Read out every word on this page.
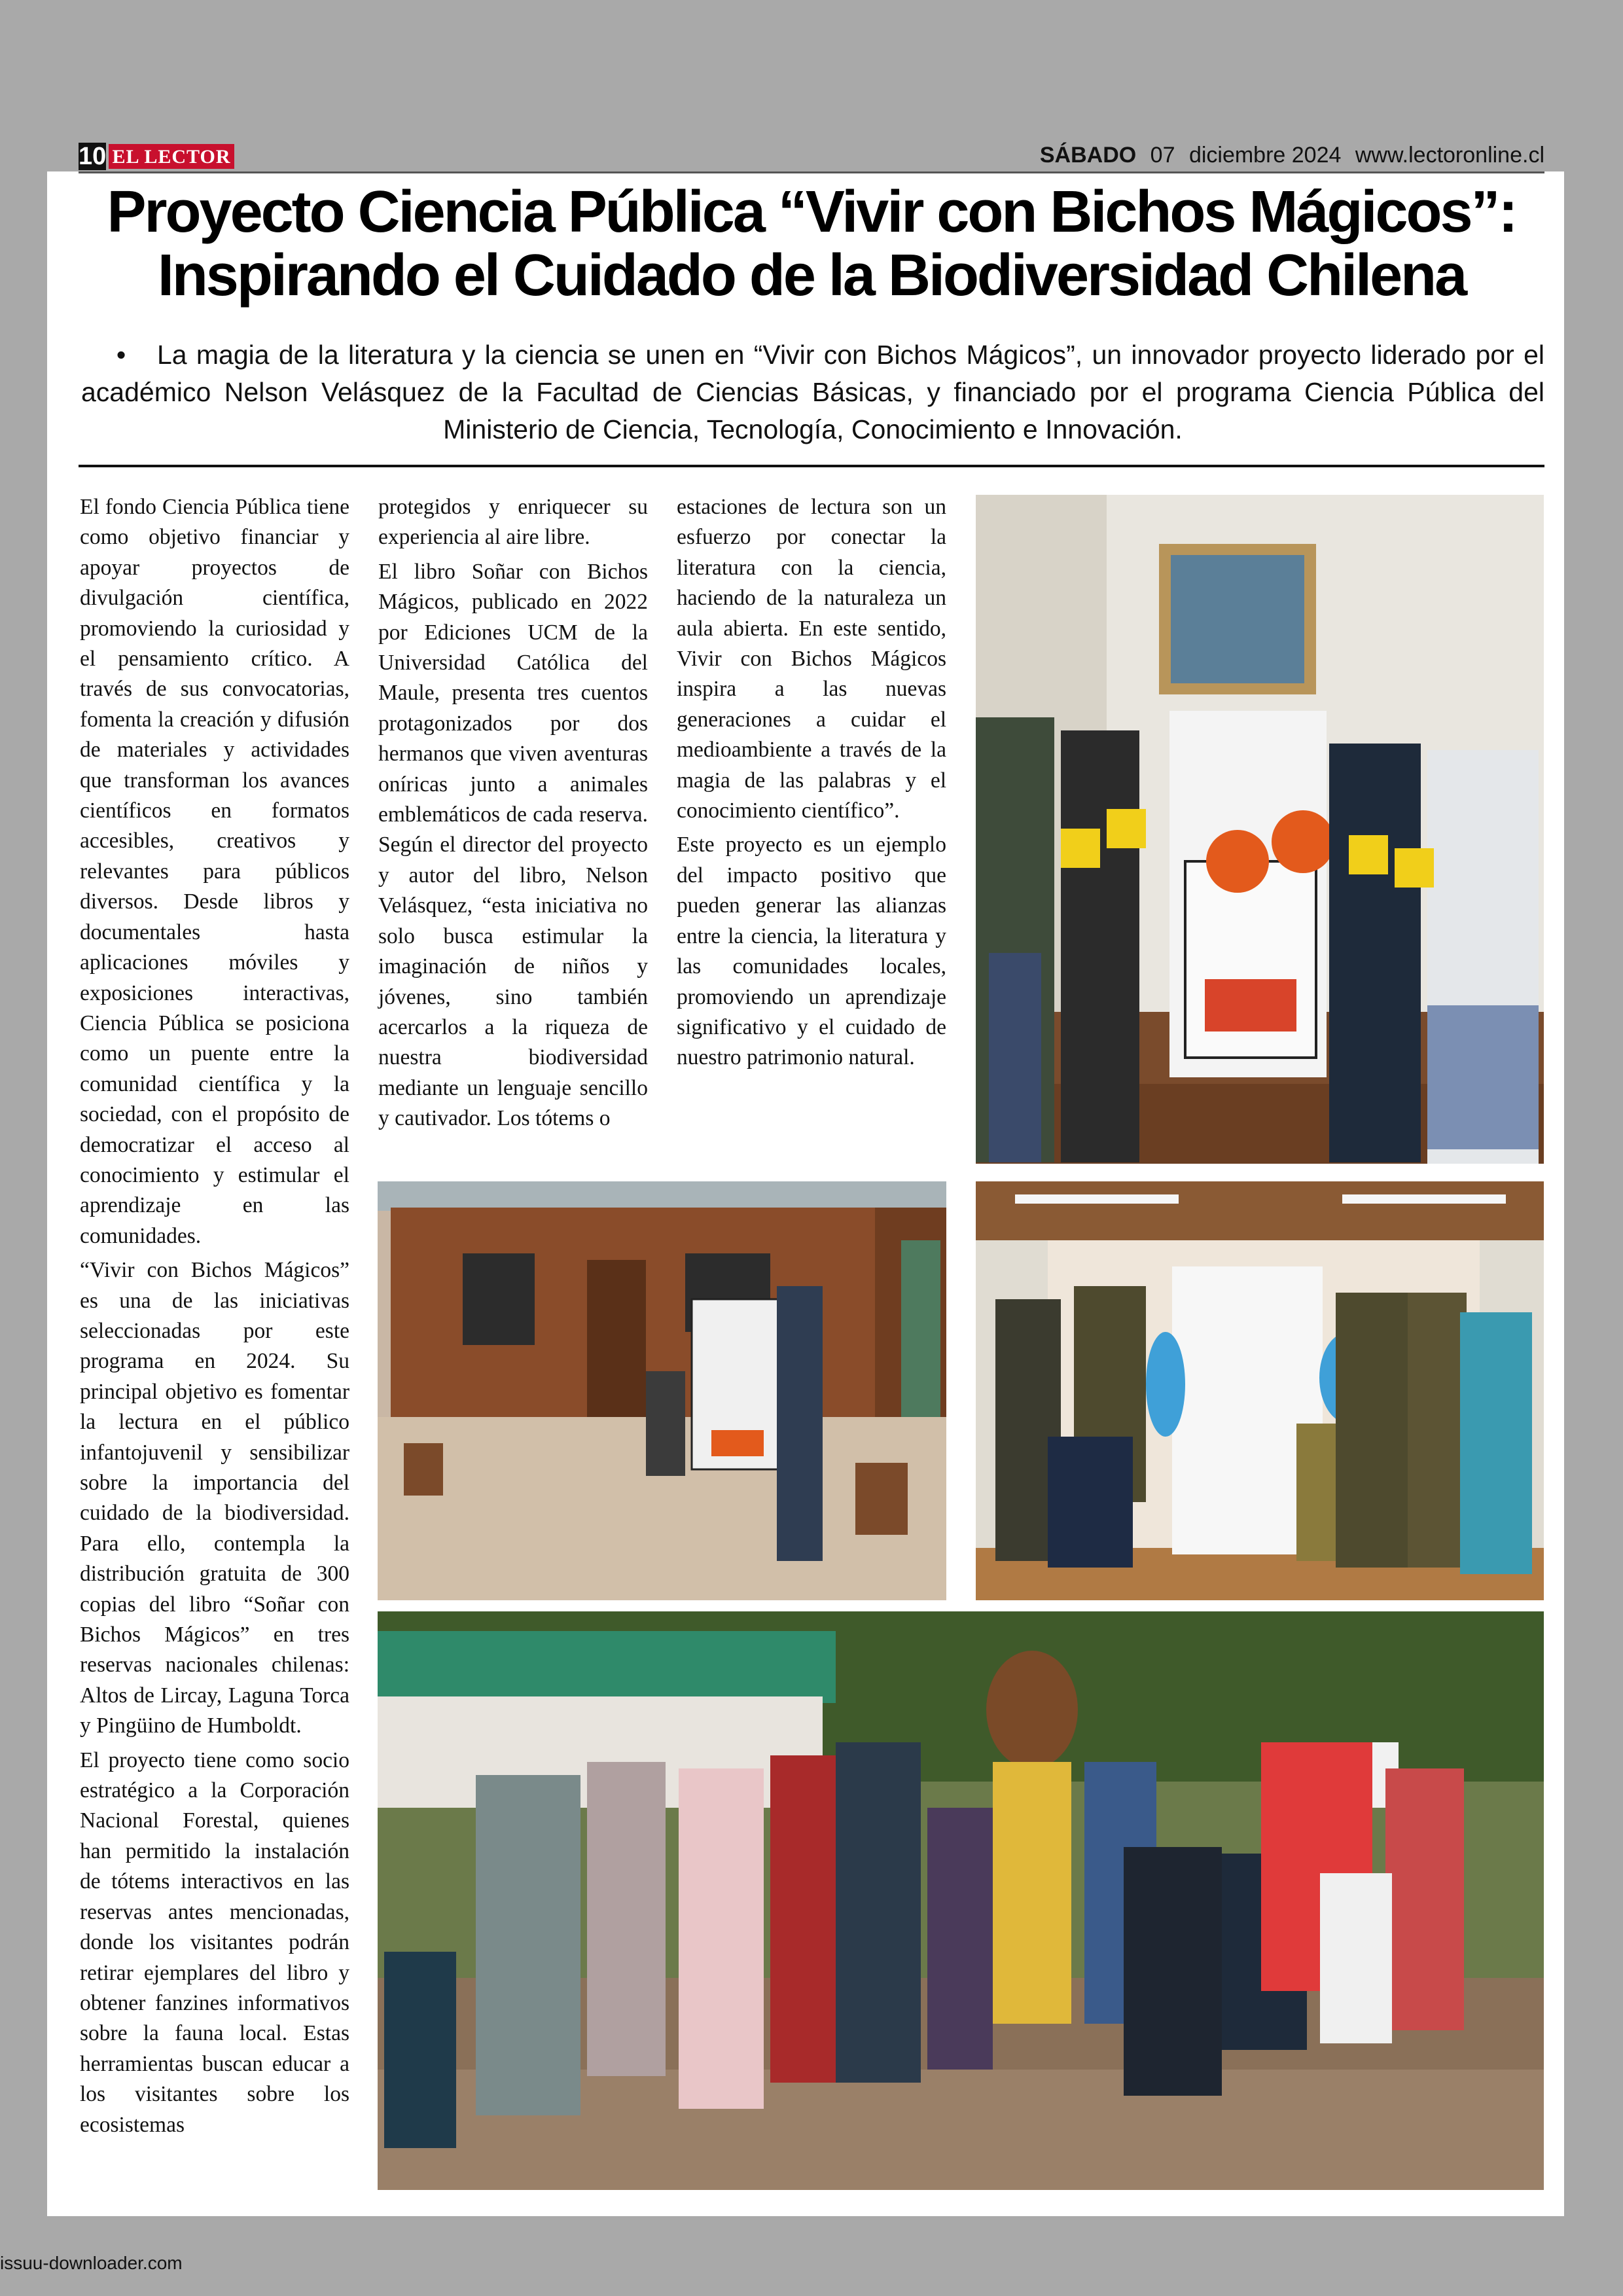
10 EL LECTOR	SÁBADO 07 diciembre 2024 www.lectoronline.cl
Proyecto Ciencia Pública “Vivir con Bichos Mágicos”:
Inspirando el Cuidado de la Biodiversidad Chilena

• La magia de la literatura y la ciencia se unen en “Vivir con Bichos Mágicos”, un innovador proyecto liderado por el académico Nelson Velásquez de la Facultad de Ciencias Básicas, y financiado por el programa Ciencia Pública del Ministerio de Ciencia, Tecnología, Conocimiento e Innovación.

El fondo Ciencia Pública tiene como objetivo financiar y apoyar proyectos de divulgación científica, promoviendo la curiosidad y el pensamiento crítico. A través de sus convocatorias, fomenta la creación y difusión de materiales y actividades que transforman los avances científicos en formatos accesibles, creativos y relevantes para públicos diversos. Desde libros y documentales hasta aplicaciones móviles y exposiciones interactivas, Ciencia Pública se posiciona como un puente entre la comunidad científica y la sociedad, con el propósito de democratizar el acceso al conocimiento y estimular el aprendizaje en las comunidades.

“Vivir con Bichos Mágicos” es una de las iniciativas seleccionadas por este programa en 2024. Su principal objetivo es fomentar la lectura en el público infantojuvenil y sensibilizar sobre la importancia del cuidado de la biodiversidad. Para ello, contempla la distribución gratuita de 300 copias del libro “Soñar con Bichos Mágicos” en tres reservas nacionales chilenas: Altos de Lircay, Laguna Torca y Pingüino de Humboldt.

El proyecto tiene como socio estratégico a la Corporación Nacional Forestal, quienes han permitido la instalación de tótems interactivos en las reservas antes mencionadas, donde los visitantes podrán retirar ejemplares del libro y obtener fanzines informativos sobre la fauna local. Estas herramientas buscan educar a los visitantes sobre los ecosistemas

protegidos y enriquecer su experiencia al aire libre.

El libro Soñar con Bichos Mágicos, publicado en 2022 por Ediciones UCM de la Universidad Católica del Maule, presenta tres cuentos protagonizados por dos hermanos que viven aventuras oníricas junto a animales emblemáticos de cada reserva. Según el director del proyecto y autor del libro, Nelson Velásquez, “esta iniciativa no solo busca estimular la imaginación de niños y jóvenes, sino también acercarlos a la riqueza de nuestra biodiversidad mediante un lenguaje sencillo y cautivador. Los tótems o

estaciones de lectura son un esfuerzo por conectar la literatura con la ciencia, haciendo de la naturaleza un aula abierta. En este sentido, Vivir con Bichos Mágicos inspira a las nuevas generaciones a cuidar el medioambiente a través de la magia de las palabras y el conocimiento científico”.

Este proyecto es un ejemplo del impacto positivo que pueden generar las alianzas entre la ciencia, la literatura y las comunidades locales, promoviendo un aprendizaje significativo y el cuidado de nuestro patrimonio natural.

issuu-downloader.com
